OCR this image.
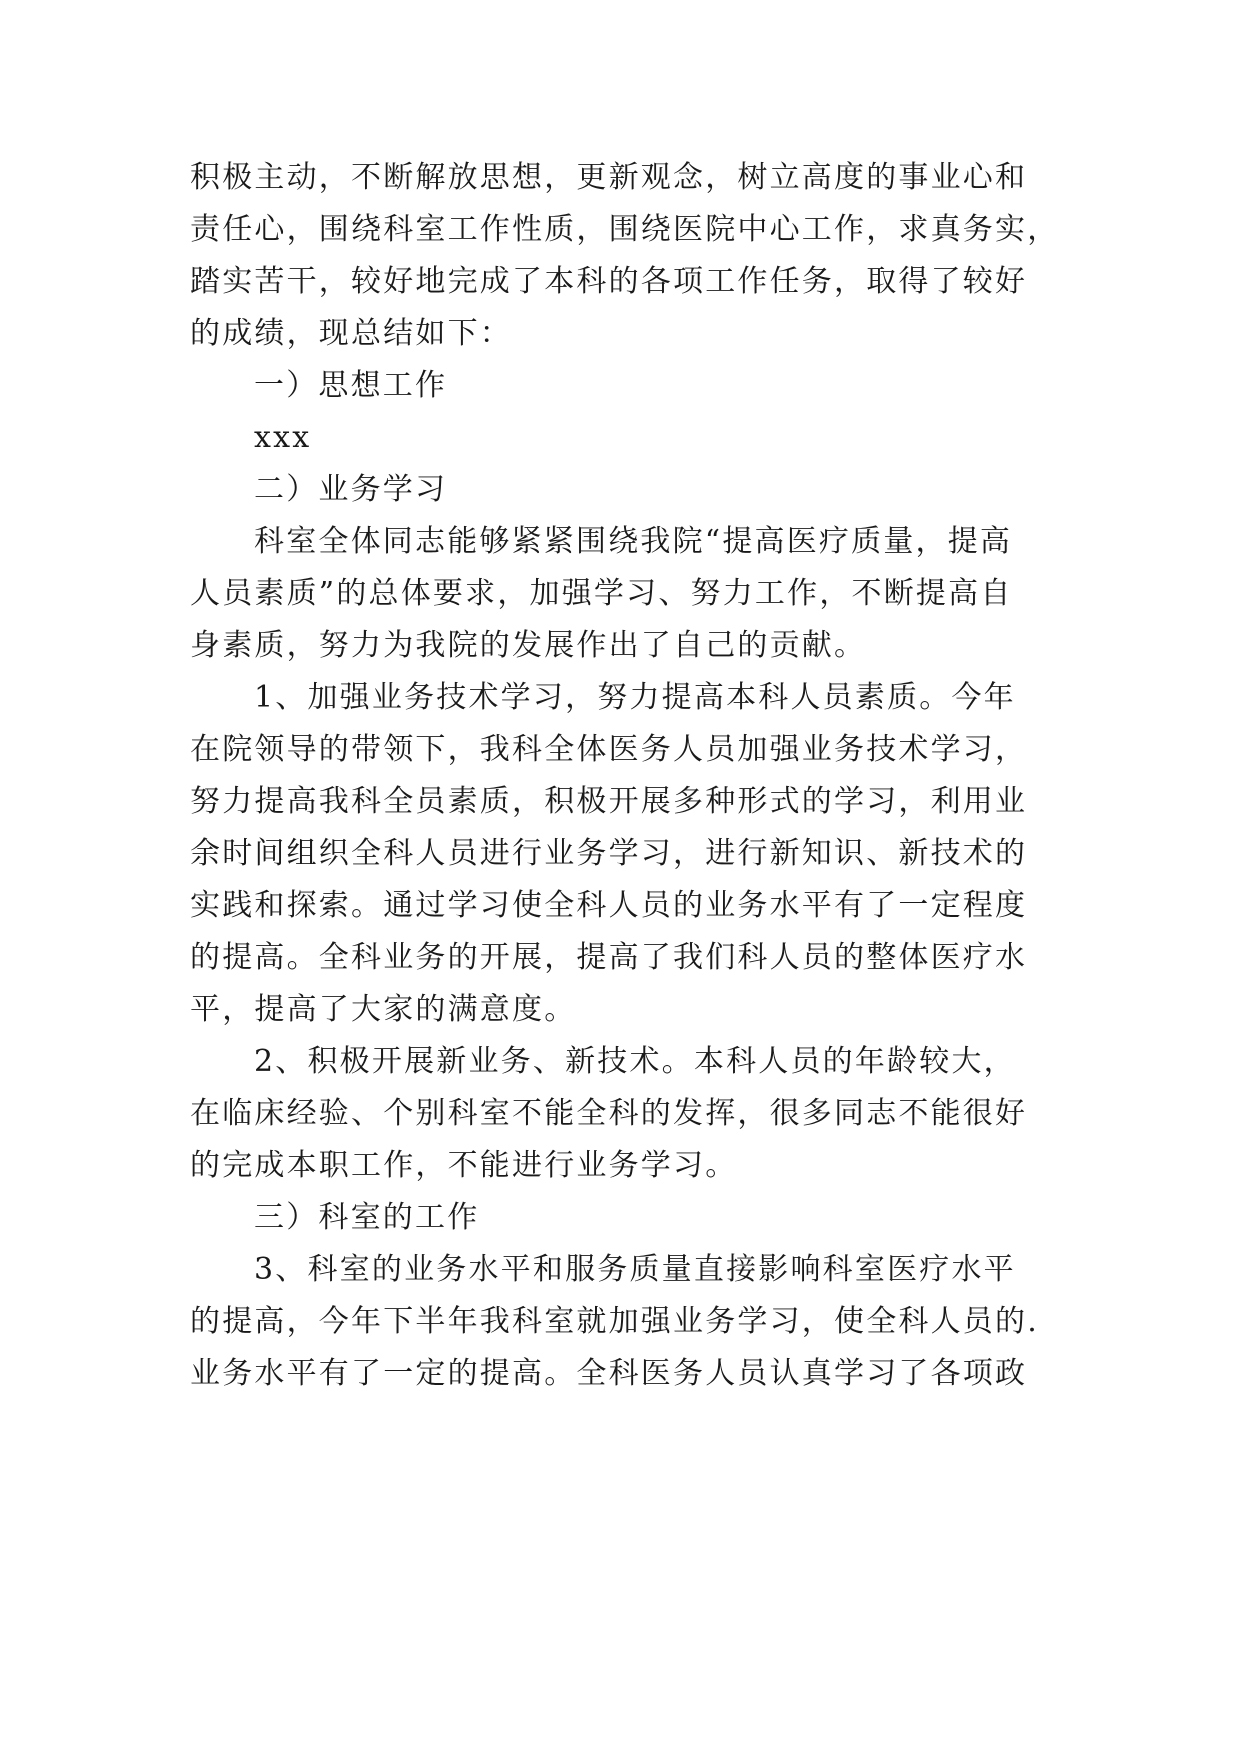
积极主动，不断解放思想，更新观念，树立高度的事业心和
责任心，围绕科室工作性质，围绕医院中心工作，求真务实，
踏实苦干，较好地完成了本科的各项工作任务，取得了较好
的成绩，现总结如下：
一）思想工作
xxx
二）业务学习
科室全体同志能够紧紧围绕我院“提高医疗质量，提高
人员素质”的总体要求，加强学习、努力工作，不断提高自
身素质，努力为我院的发展作出了自己的贡献。
1、加强业务技术学习，努力提高本科人员素质。今年
在院领导的带领下，我科全体医务人员加强业务技术学习，
努力提高我科全员素质，积极开展多种形式的学习，利用业
余时间组织全科人员进行业务学习，进行新知识、新技术的
实践和探索。通过学习使全科人员的业务水平有了一定程度
的提高。全科业务的开展，提高了我们科人员的整体医疗水
平，提高了大家的满意度。
2、积极开展新业务、新技术。本科人员的年龄较大，
在临床经验、个别科室不能全科的发挥，很多同志不能很好
的完成本职工作，不能进行业务学习。
三）科室的工作
3、科室的业务水平和服务质量直接影响科室医疗水平
的提高，今年下半年我科室就加强业务学习，使全科人员的.
业务水平有了一定的提高。全科医务人员认真学习了各项政
